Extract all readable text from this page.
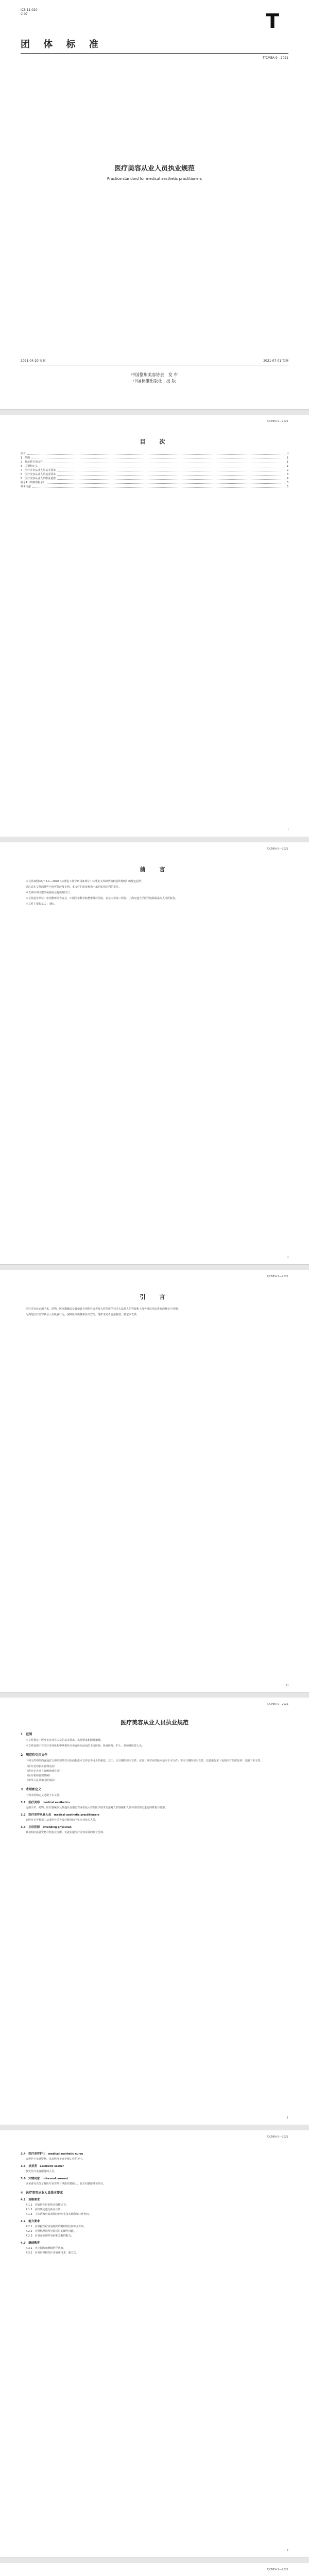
ICS 11.020
C 07	T
团 体 标 准
T/CMEA 9—2021
医疗美容从业人员执业规范
Practice standard for medical aesthetic practitioners
2021-04-20 发布	2021-07-01 实施
中国整形美容协会　发 布
中国标准出版社　出 版
T/CMEA 9—2021
目　次
前言	II
1　范围	1
2　规范性引用文件	1
3　术语和定义	1
4　医疗美容从业人员基本要求	2
5　医疗美容从业人员执业要求	3
6　医疗美容从业人员职业道德	4
附录A（资料性附录）	5
参考文献	5
I
T/CMEA 9—2021
前　言

本文件按照GB/T 1.1—2020《标准化工作导则 第1部分：标准化文件的结构和起草规则》的规定起草。

请注意本文件的某些内容可能涉及专利。本文件的发布机构不承担识别专利的责任。

本文件由中国整形美容协会提出并归口。

本文件起草单位：中国整形美容协会、中国医学科学院整形外科医院、北京大学第三医院、上海交通大学医学院附属第九人民医院等。

本文件主要起草人：（略）。

II
T/CMEA 9—2021
引　言

医疗美容是运用手术、药物、医疗器械以及其他具有创伤性或者侵入性的医学技术方法对人的容貌和人体各部位形态进行的修复与再塑。

为规范医疗美容从业人员执业行为，保障医疗质量和医疗安全，维护求美者合法权益，制定本文件。

III
T/CMEA 9—2021
医疗美容从业人员执业规范
1　范围

本文件规定了医疗美容从业人员的基本要求、执业要求和职业道德。

本文件适用于在医疗美容机构中从事医疗美容诊疗活动的主诊医师、执业医师、护士、药师及医技人员。

2　规范性引用文件

下列文件中的内容通过文中的规范性引用而构成本文件必不可少的条款。其中，注日期的引用文件，仅该日期对应的版本适用于本文件；不注日期的引用文件，其最新版本（包括所有的修改单）适用于本文件。

《医疗美容服务管理办法》
《医疗美容项目分级管理目录》
《医疗机构管理条例》
《中华人民共和国医师法》
3　术语和定义

下列术语和定义适用于本文件。

3.1　 医疗美容　 medical aesthetics

运用手术、药物、医疗器械以及其他具有创伤性或者侵入性的医学技术方法对人的容貌和人体各部位形态进行的修复与再塑。

3.2　 医疗美容从业人员　 medical aesthetic practitioners

在医疗美容机构中从事医疗美容诊疗服务的卫生专业技术人员。

3.3　 主诊医师　 attending physician

具备相应执业资格并经执业注册，负责实施医疗美容项目的执业医师。

1
T/CMEA 9—2021
3.4　 医疗美容护士　 medical aesthetic nurse

取得护士执业资格，从事医疗美容护理工作的护士。

3.5　 求美者　 aesthetic seeker

接受医疗美容服务的人员。

3.6　 知情同意　 informed consent

求美者在充分了解医疗美容项目风险的基础上，自主同意接受该项目。

4　医疗美容从业人员基本要求
4.1　资格要求
4.1.1　应取得相应的执业资格证书。
4.1.2　应按规定进行执业注册。
4.1.3　主诊医师应具备相应的专业技术职称和工作经历。
4.2　能力要求
4.2.1　应掌握医疗美容相关的基础理论和专业知识。
4.2.2　应熟练掌握所开展项目的操作技能。
4.2.3　应具备处理并发症和急救的能力。
4.3　继续教育
4.3.1　应定期参加继续医学教育。
4.3.2　应及时掌握医疗美容新技术、新方法。
2
T/CMEA 9—2021
